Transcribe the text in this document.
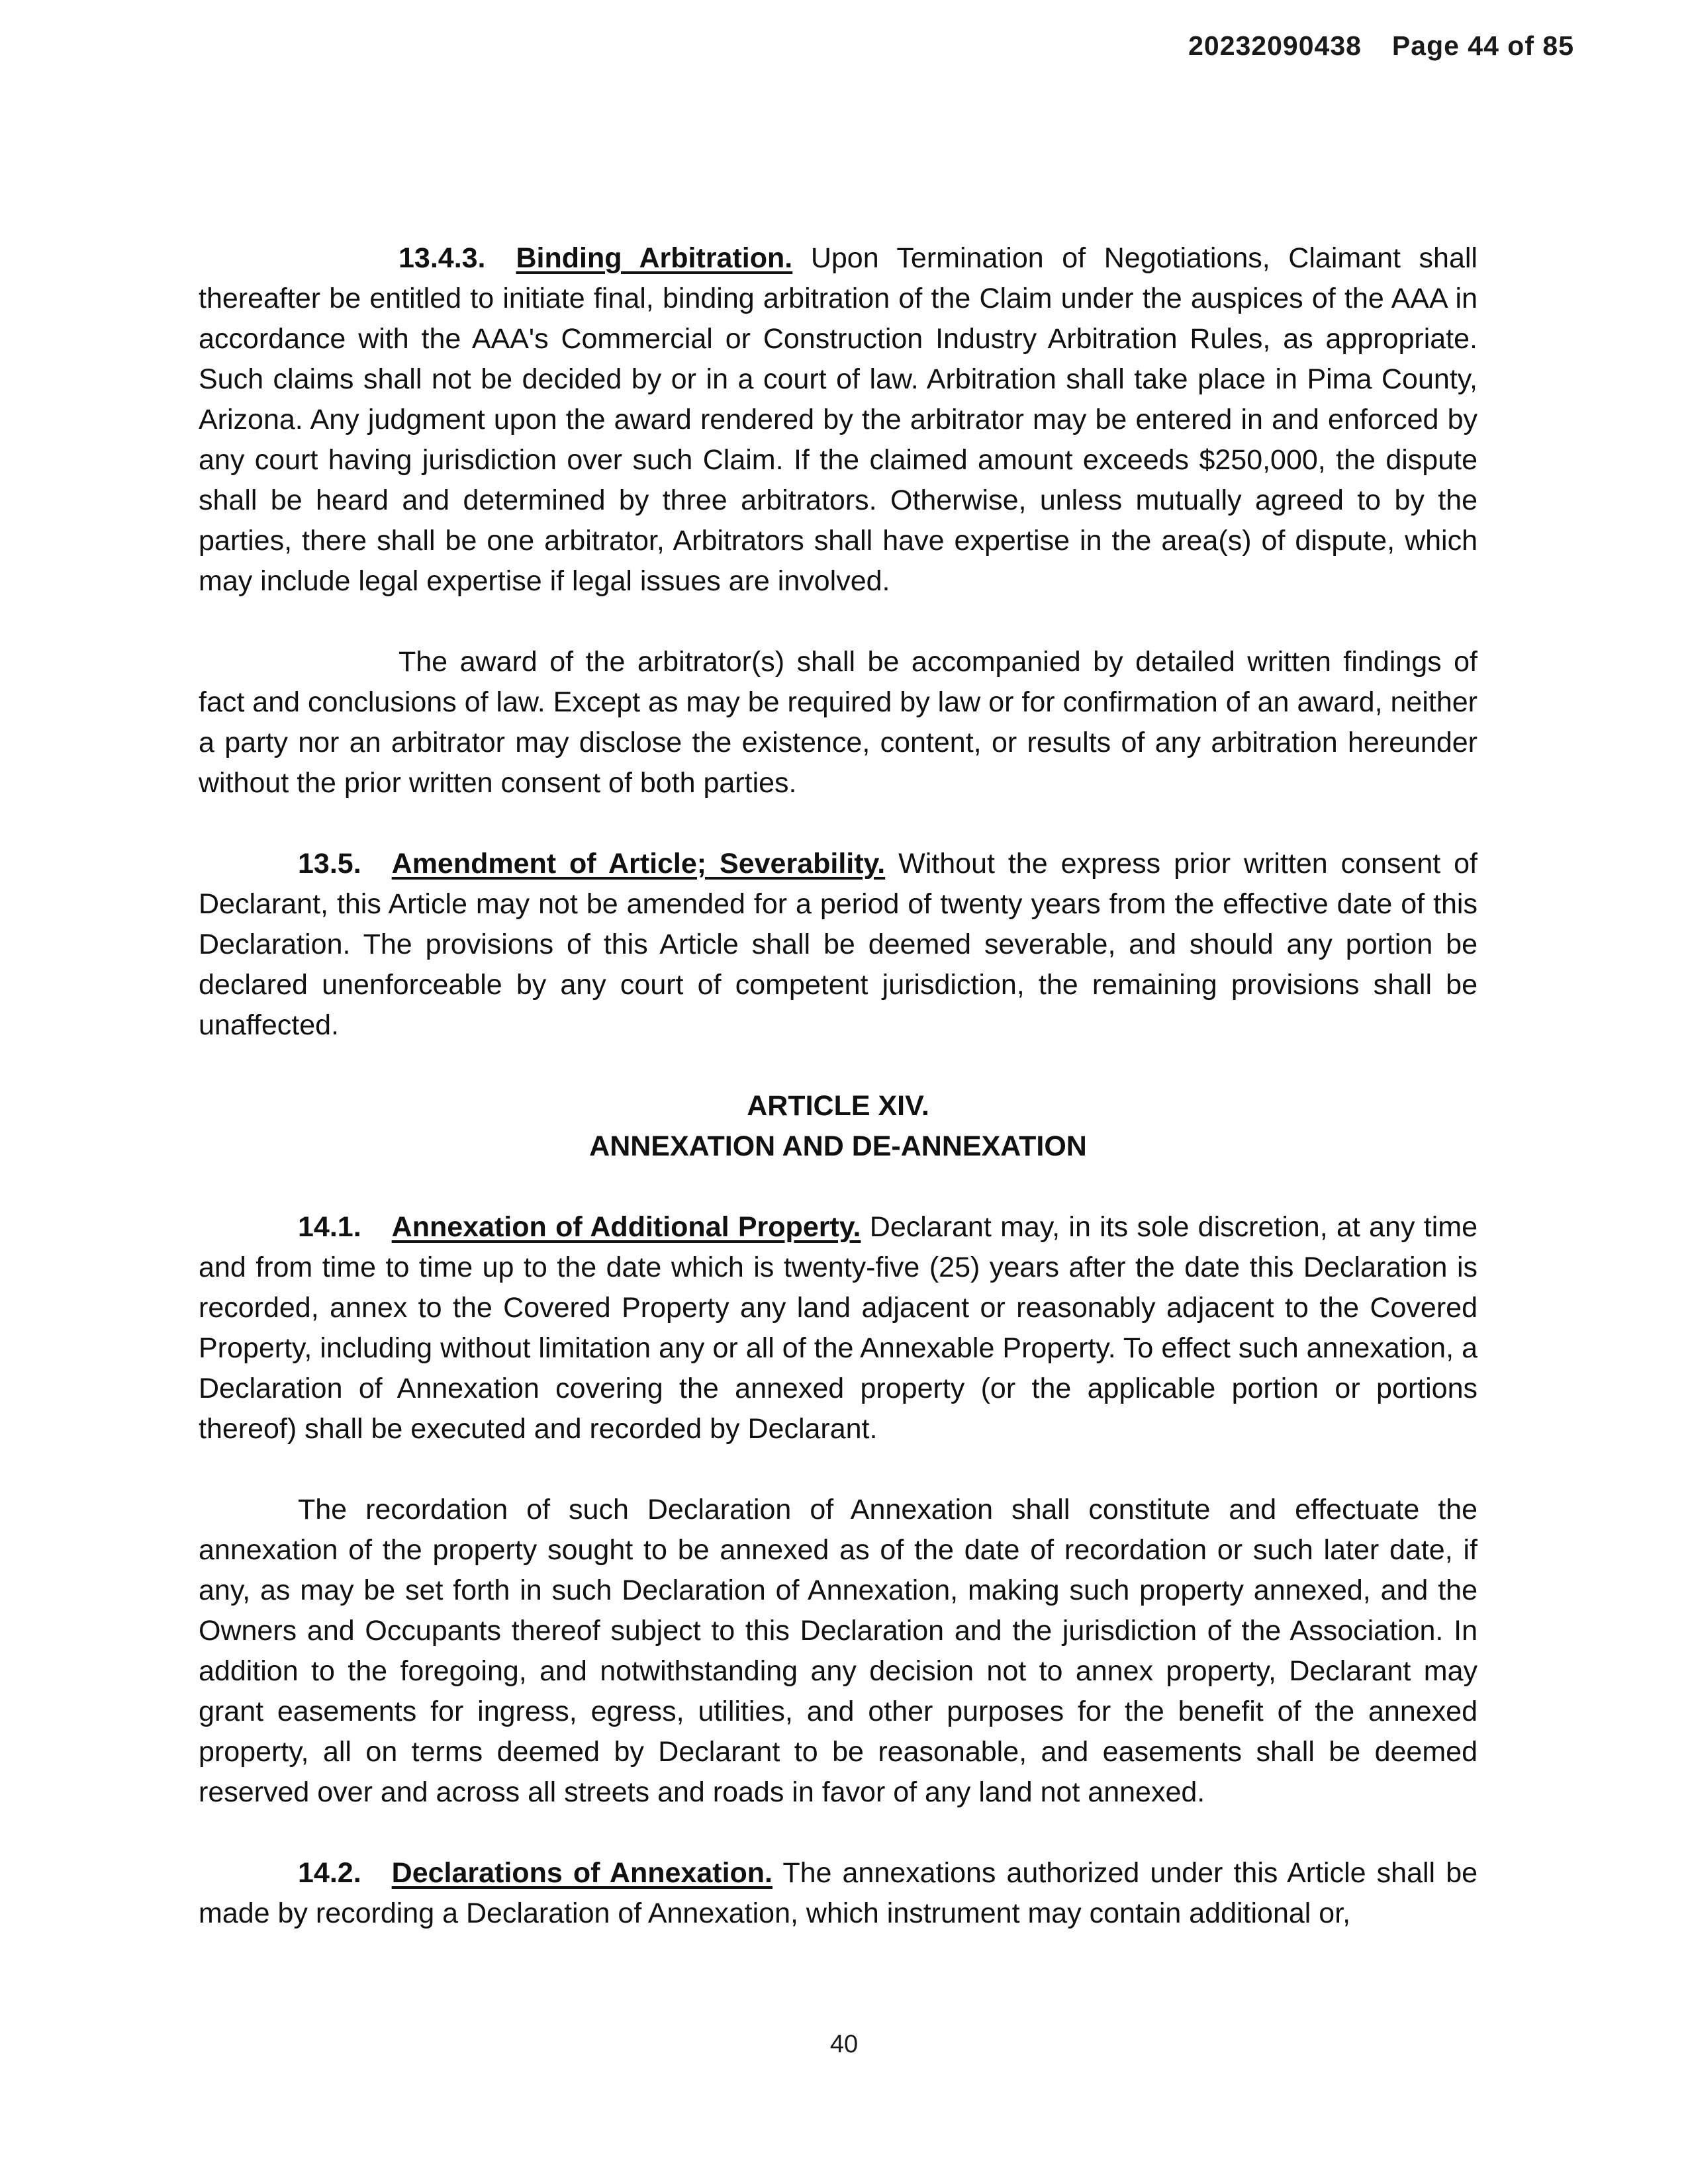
20232090438 Page 44 of 85

13.4.3. Binding Arbitration. Upon Termination of Negotiations, Claimant shall thereafter be entitled to initiate final, binding arbitration of the Claim under the auspices of the AAA in accordance with the AAA's Commercial or Construction Industry Arbitration Rules, as appropriate. Such claims shall not be decided by or in a court of law. Arbitration shall take place in Pima County, Arizona. Any judgment upon the award rendered by the arbitrator may be entered in and enforced by any court having jurisdiction over such Claim. If the claimed amount exceeds $250,000, the dispute shall be heard and determined by three arbitrators. Otherwise, unless mutually agreed to by the parties, there shall be one arbitrator, Arbitrators shall have expertise in the area(s) of dispute, which may include legal expertise if legal issues are involved.

The award of the arbitrator(s) shall be accompanied by detailed written findings of fact and conclusions of law. Except as may be required by law or for confirmation of an award, neither a party nor an arbitrator may disclose the existence, content, or results of any arbitration hereunder without the prior written consent of both parties.

13.5. Amendment of Article; Severability. Without the express prior written consent of Declarant, this Article may not be amended for a period of twenty years from the effective date of this Declaration. The provisions of this Article shall be deemed severable, and should any portion be declared unenforceable by any court of competent jurisdiction, the remaining provisions shall be unaffected.

ARTICLE XIV.
ANNEXATION AND DE-ANNEXATION

14.1. Annexation of Additional Property. Declarant may, in its sole discretion, at any time and from time to time up to the date which is twenty-five (25) years after the date this Declaration is recorded, annex to the Covered Property any land adjacent or reasonably adjacent to the Covered Property, including without limitation any or all of the Annexable Property. To effect such annexation, a Declaration of Annexation covering the annexed property (or the applicable portion or portions thereof) shall be executed and recorded by Declarant.

The recordation of such Declaration of Annexation shall constitute and effectuate the annexation of the property sought to be annexed as of the date of recordation or such later date, if any, as may be set forth in such Declaration of Annexation, making such property annexed, and the Owners and Occupants thereof subject to this Declaration and the jurisdiction of the Association. In addition to the foregoing, and notwithstanding any decision not to annex property, Declarant may grant easements for ingress, egress, utilities, and other purposes for the benefit of the annexed property, all on terms deemed by Declarant to be reasonable, and easements shall be deemed reserved over and across all streets and roads in favor of any land not annexed.

14.2. Declarations of Annexation. The annexations authorized under this Article shall be made by recording a Declaration of Annexation, which instrument may contain additional or,

40
